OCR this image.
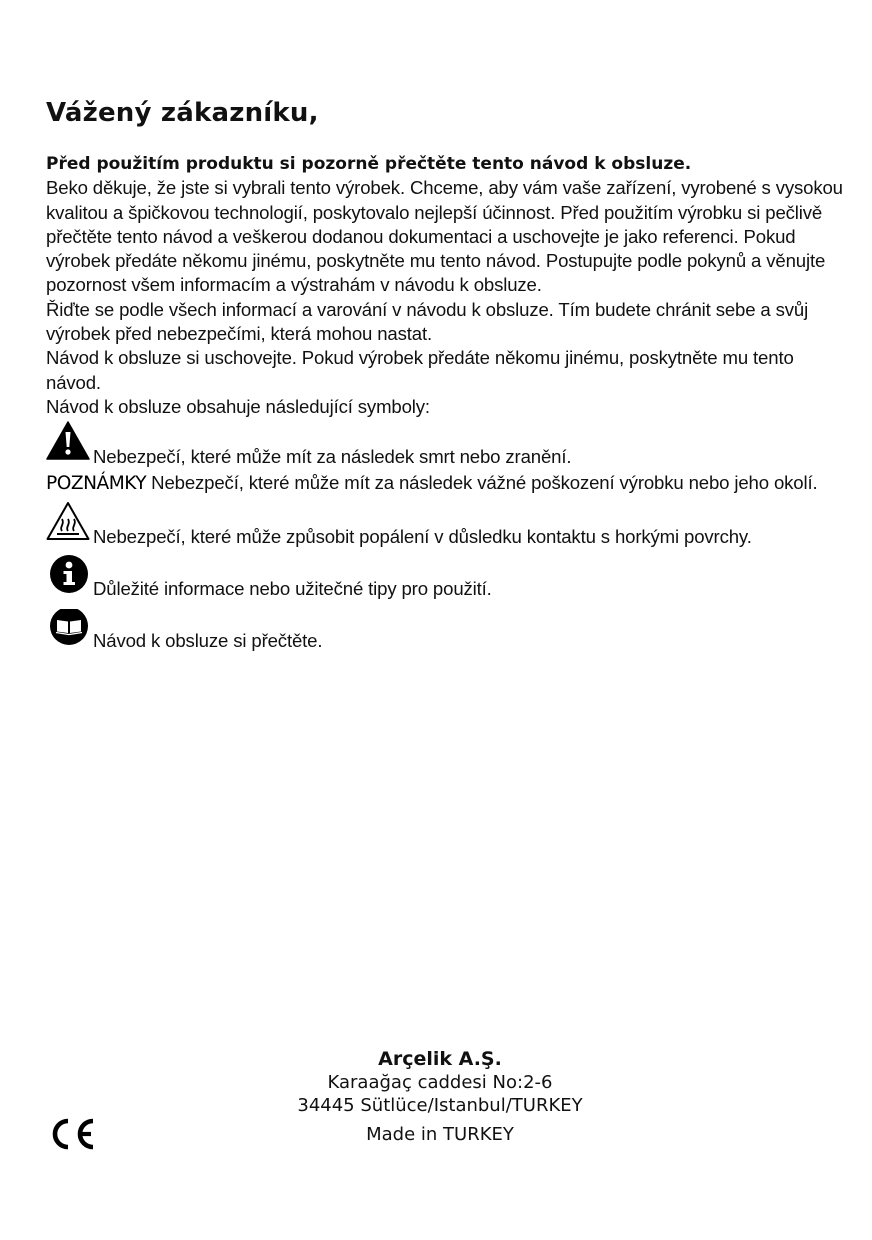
Vážený zákazníku,

Před použitím produktu si pozorně přečtěte tento návod k obsluze.

Beko děkuje, že jste si vybrali tento výrobek. Chceme, aby vám vaše zařízení, vyrobené s vysokou kvalitou a špičkovou technologií, poskytovalo nejlepší účinnost. Před použitím výrobku si pečlivě přečtěte tento návod a veškerou dodanou dokumentaci a uschovejte je jako referenci. Pokud výrobek předáte někomu jinému, poskytněte mu tento návod. Postupujte podle pokynů a věnujte pozornost všem informacím a výstrahám v návodu k obsluze.

Řiďte se podle všech informací a varování v návodu k obsluze. Tím budete chránit sebe a svůj výrobek před nebezpečími, která mohou nastat.

Návod k obsluze si uschovejte. Pokud výrobek předáte někomu jinému, poskytněte mu tento návod.

Návod k obsluze obsahuje následující symboly:

Nebezpečí, které může mít za následek smrt nebo zranění.

POZNÁMKY Nebezpečí, které může mít za následek vážné poškození výrobku nebo jeho okolí.

Nebezpečí, které může způsobit popálení v důsledku kontaktu s horkými povrchy.
Důležité informace nebo užitečné tipy pro použití.
Návod k obsluze si přečtěte.
Arçelik A.Ş.
Karaağaç caddesi No:2-6
34445 Sütlüce/Istanbul/TURKEY
Made in TURKEY
